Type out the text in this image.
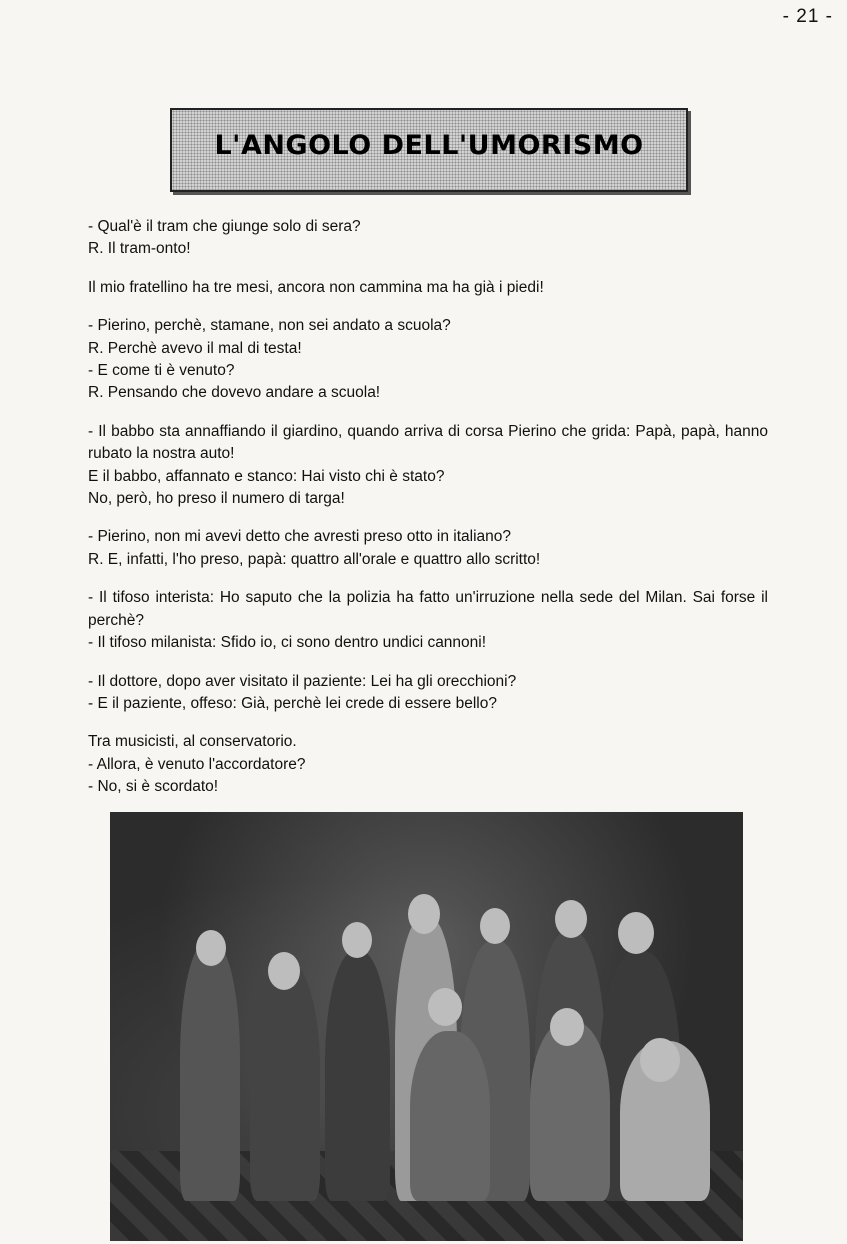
- 21 -
L'ANGOLO DELL'UMORISMO
- Qual'è il tram che giunge solo di sera?
R. Il tram-onto!
Il mio fratellino ha tre mesi, ancora non cammina ma ha già i piedi!
- Pierino, perchè, stamane, non sei andato a scuola?
R. Perchè avevo il mal di testa!
- E come ti è venuto?
R. Pensando che dovevo andare a scuola!
- Il babbo sta annaffiando il giardino, quando arriva di corsa Pierino che grida: Papà, papà, hanno rubato la nostra auto!
E il babbo, affannato e stanco: Hai visto chi è stato?
No, però, ho preso il numero di targa!
- Pierino, non mi avevi detto che avresti preso otto in italiano?
R. E, infatti, l'ho preso, papà: quattro all'orale e quattro allo scritto!
- Il tifoso interista: Ho saputo che la polizia ha fatto un'irruzione nella sede del Milan. Sai forse il perchè?
- Il tifoso milanista: Sfido io, ci sono dentro undici cannoni!
- Il dottore, dopo aver visitato il paziente: Lei ha gli orecchioni?
- E il paziente, offeso: Già, perchè lei crede di essere bello?
Tra musicisti, al conservatorio.
- Allora, è venuto l'accordatore?
- No, si è scordato!
